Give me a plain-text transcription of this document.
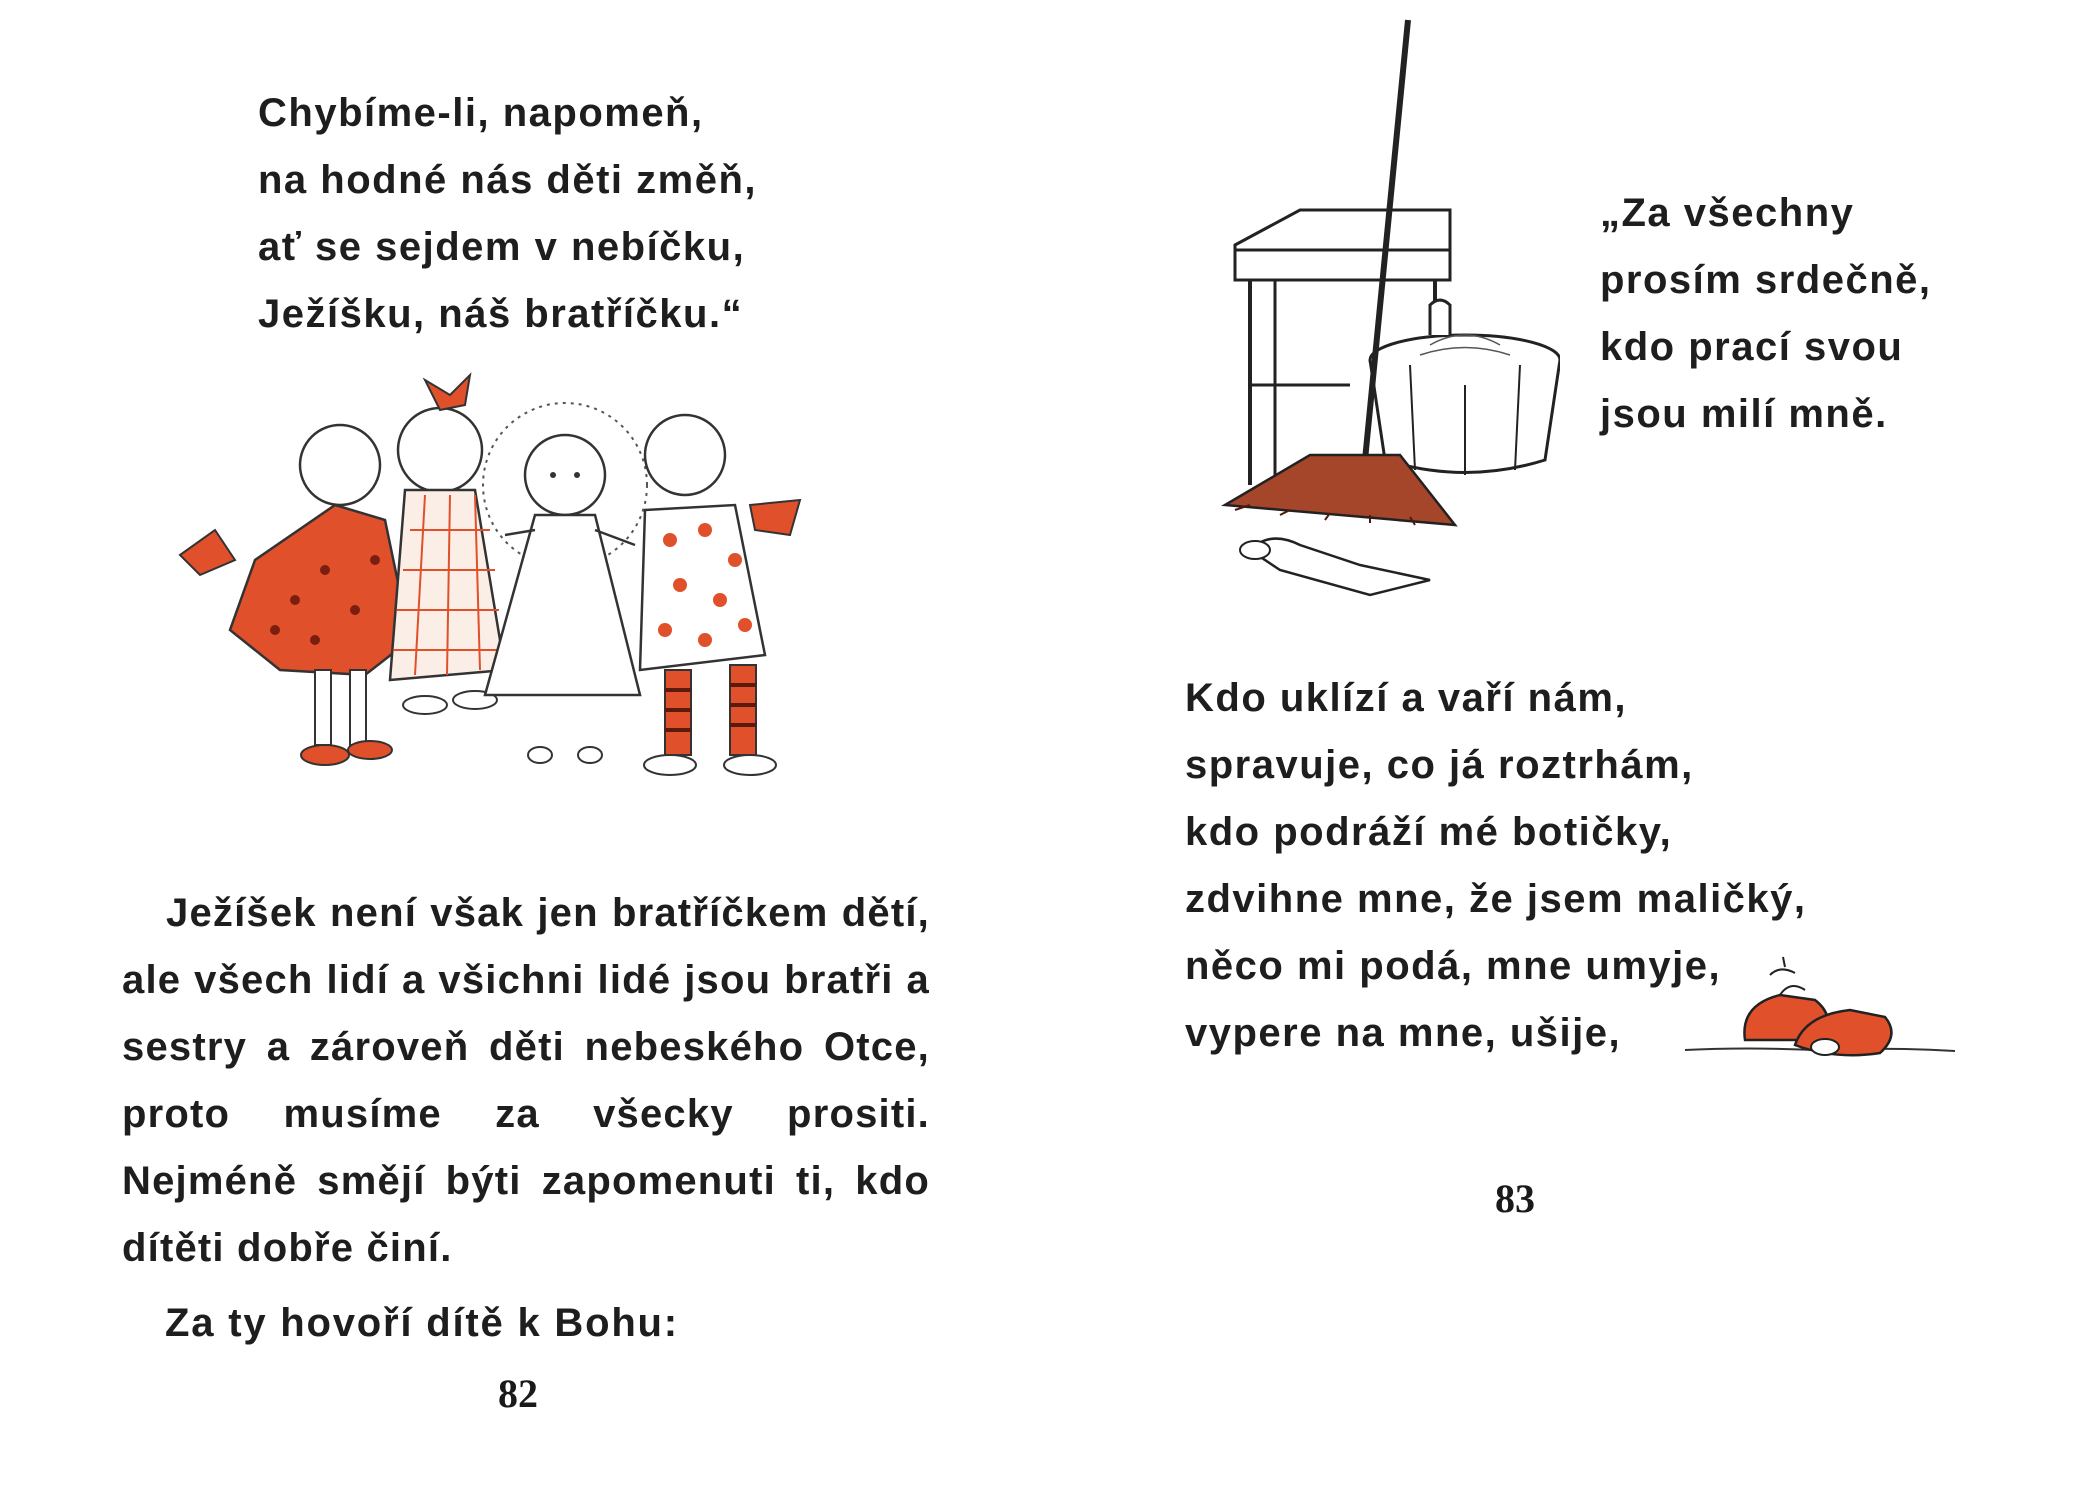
Chybíme-li, napomeň,
na hodné nás děti změň,
ať se sejdem v nebíčku,
Ježíšku, náš bratříčku.“

Ježíšek není však jen bratříčkem dětí, ale všech lidí a všichni lidé jsou bratři a sestry a zároveň děti nebeského Otce, proto musíme za všecky prositi. Nejméně smějí býti zapomenuti ti, kdo dítěti dobře činí.

Za ty hovoří dítě k Bohu:
82
„Za všechny
prosím srdečně,
kdo prací svou
jsou milí mně.
Kdo uklízí a vaří nám,
spravuje, co já roztrhám,
kdo podráží mé botičky,
zdvihne mne, že jsem maličký,
něco mi podá, mne umyje,
vypere na mne, ušije,
83
